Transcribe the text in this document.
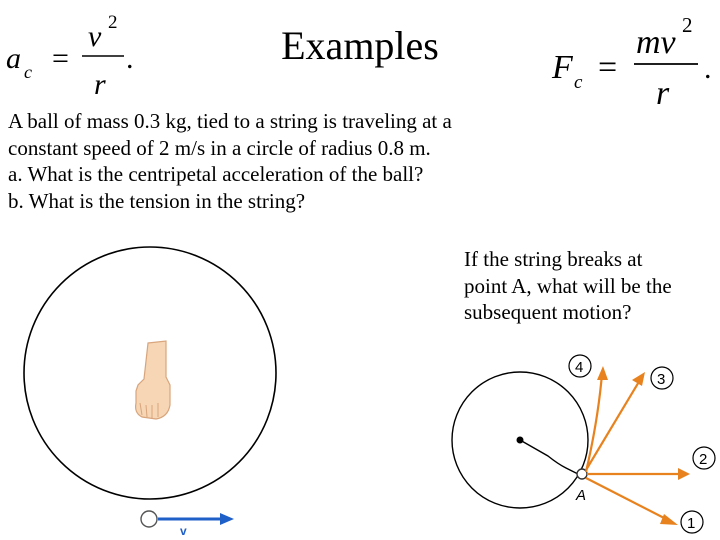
a c =
v 2
r
.	F c =
mv 2
r
.
Examples
A ball of mass 0.3 kg, tied to a string is traveling at a
constant speed of 2 m/s in a circle of radius 0.8 m.
a. What is the centripetal acceleration of the ball?
b. What is the tension in the string?
If the string breaks at
point A, what will be the
subsequent motion?
v
A
4
3
2
1
